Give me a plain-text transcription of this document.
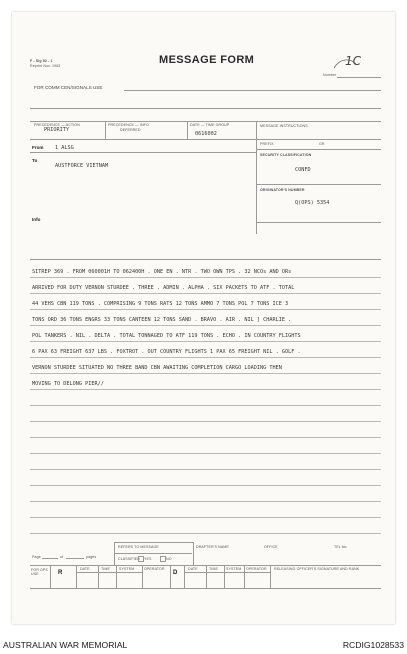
F - Sig 52 - 1
Reprint Nov. 1963	MESSAGE FORM	1C
Number
FOR COMM CEN/SIGNALS USE
PRECEDENCE — ACTION
PRIORITY
PRECEDENCE — INFO
DEFERRED
DATE — TIME GROUP
0616002
MESSAGE INSTRUCTIONS
From 1 ALSG
To
AUSTFORCE VIETNAM
Info
PREFIX	GR
SECURITY CLASSIFICATION
CONFD
ORIGINATOR'S NUMBER
Q(OPS) 5354
SITREP 369 . FROM 060001H TO 062400H . ONE EN . NTR . TWO OWN TPS . 32 NCOs AND ORs
ARRIVED FOR DUTY VERNON STURDEE . THREE . ADMIN . ALPHA . SIX PACKETS TO ATF . TOTAL
44 VEHS CBN 119 TONS . COMPRISING 9 TONS RATS 12 TONS AMMO 7 TONS POL 7 TONS ICE 3
TONS ORD 36 TONS ENGRS 33 TONS CANTEEN 12 TONS SAND . BRAVO . AIR . NIL ] CHARLIE .
POL TANKERS . NIL . DELTA . TOTAL TONNAGED TO ATF 119 TONS . ECHO . IN COUNTRY FLIGHTS
6 PAX 63 FREIGHT 637 LBS . FOXTROT . OUT COUNTRY FLIGHTS 1 PAX 65 FREIGHT NIL . GOLF .
VERNON STURDEE SITUATED NO THREE BAND CBN AWAITING COMPLETION CARGO LOADING THEN
MOVING TO DELONG PIER//
Page	of	pages
REFERS TO MESSAGE
CLASSIFIED YES	NO
DRAFTER'S NAME	OFFICE	TEL No
FOR OPS USE	R
DATE	TIME	SYSTEM	OPERATOR
D
DATE	TIME SYSTEM OPERATOR RELEASING OFFICER'S SIGNATURE AND RANK
AUSTRALIAN WAR MEMORIAL	RCDIG1028533
